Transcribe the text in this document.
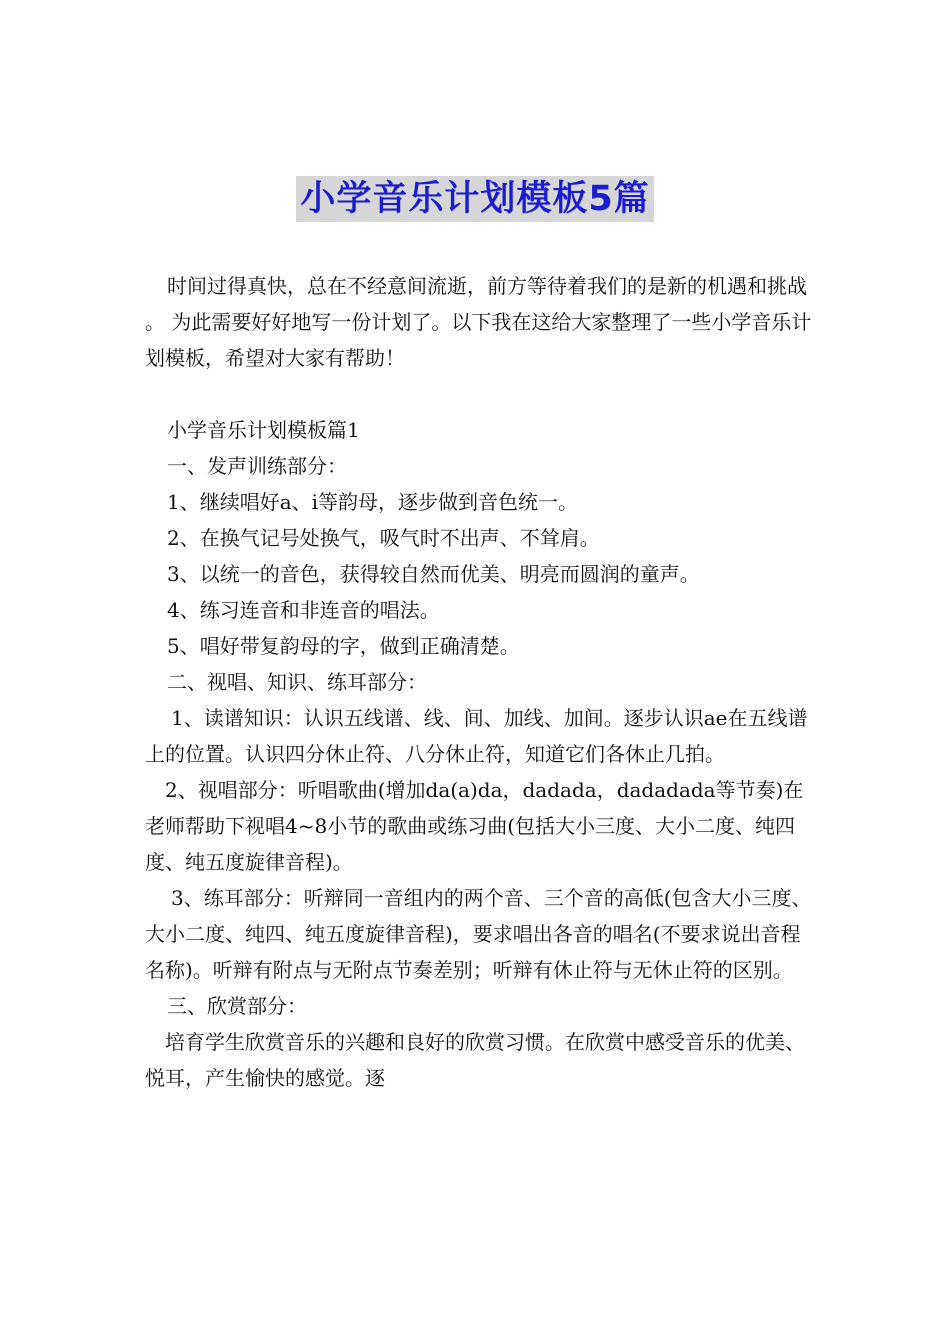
小学音乐计划模板5篇

时间过得真快，总在不经意间流逝，前方等待着我们的是新的机遇和挑战 。 为此需要好好地写一份计划了。以下我在这给大家整理了一些小学音乐计划模板，希望对大家有帮助！

小学音乐计划模板篇1

一、发声训练部分：

1、继续唱好a、i等韵母，逐步做到音色统一。

2、在换气记号处换气，吸气时不出声、不耸肩。

3、以统一的音色，获得较自然而优美、明亮而圆润的童声。

4、练习连音和非连音的唱法。

5、唱好带复韵母的字，做到正确清楚。

二、视唱、知识、练耳部分：

1、读谱知识：认识五线谱、线、间、加线、加间。逐步认识ae在五线谱上的位置。认识四分休止符、八分休止符，知道它们各休止几拍。

2、视唱部分：听唱歌曲(增加da(a)da，dadada，dadadada等节奏)在老师帮助下视唱4~8小节的歌曲或练习曲(包括大小三度、大小二度、纯四度、纯五度旋律音程)。

3、练耳部分：听辩同一音组内的两个音、三个音的高低(包含大小三度、大小二度、纯四、纯五度旋律音程)，要求唱出各音的唱名(不要求说出音程名称)。听辩有附点与无附点节奏差别；听辩有休止符与无休止符的区别。

三、欣赏部分：

培育学生欣赏音乐的兴趣和良好的欣赏习惯。在欣赏中感受音乐的优美、悦耳，产生愉快的感觉。逐
